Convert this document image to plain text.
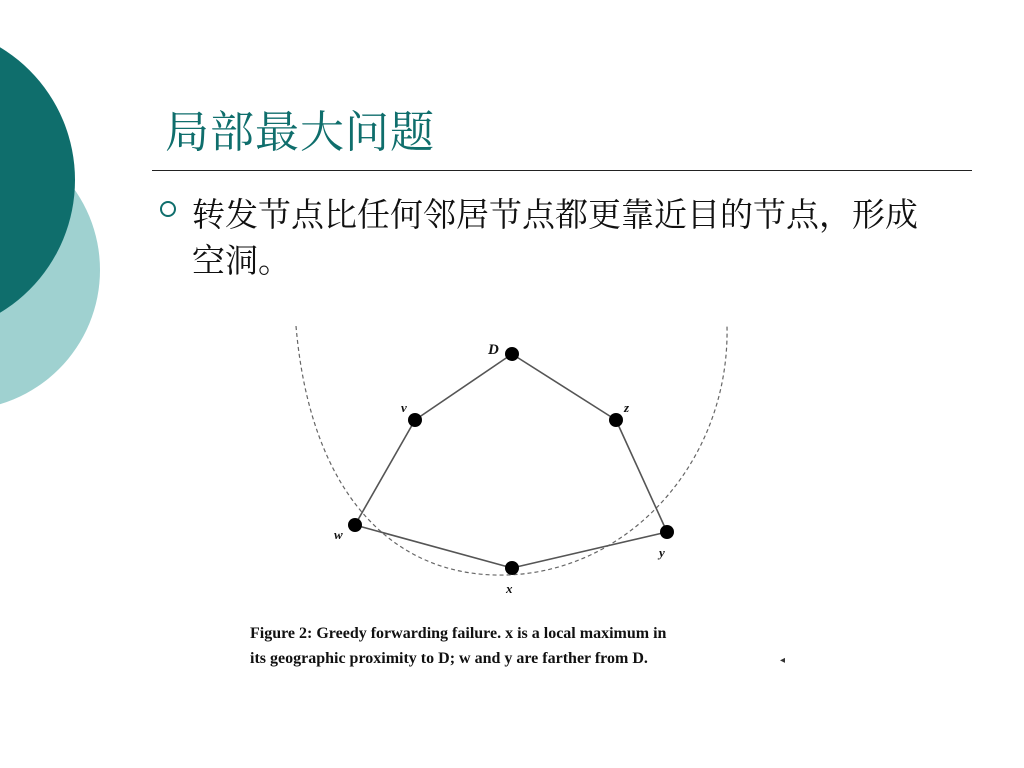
局部最大问题
转发节点比任何邻居节点都更靠近目的节点，形成空洞。
D
v	z
w
y
x
Figure 2: Greedy forwarding failure. x is a local maximum in
its geographic proximity to D; w and y are farther from D.	◂
